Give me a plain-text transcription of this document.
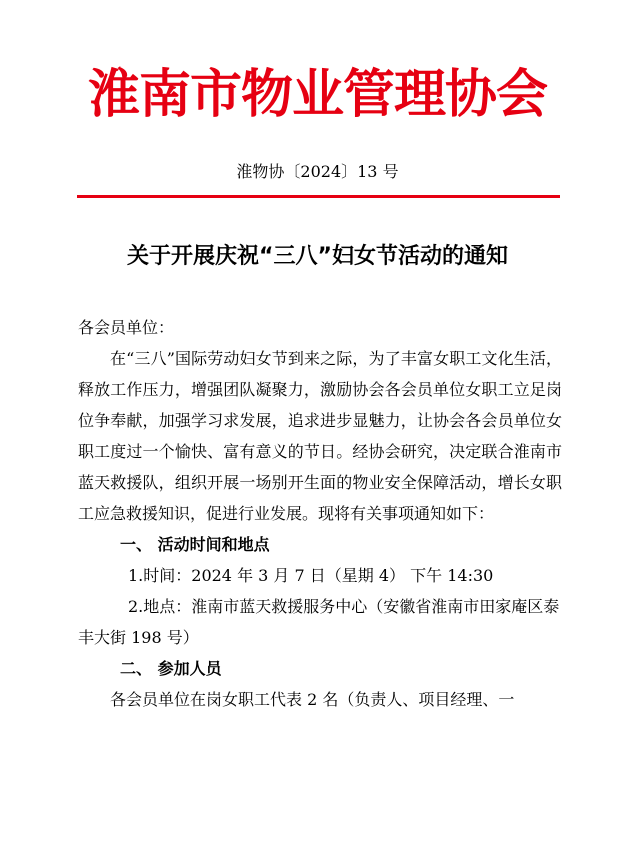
淮南市物业管理协会
淮物协〔2024〕13 号
关于开展庆祝“三八”妇女节活动的通知

各会员单位：

在“三八”国际劳动妇女节到来之际，为了丰富女职工文化生活，释放工作压力，增强团队凝聚力，激励协会各会员单位女职工立足岗位争奉献，加强学习求发展，追求进步显魅力，让协会各会员单位女职工度过一个愉快、富有意义的节日。经协会研究，决定联合淮南市蓝天救援队，组织开展一场别开生面的物业安全保障活动，增长女职工应急救援知识，促进行业发展。现将有关事项通知如下：

一、 活动时间和地点

1.时间：2024 年 3 月 7 日（星期 4） 下午 14:30

2.地点：淮南市蓝天救援服务中心（安徽省淮南市田家庵区泰丰大街 198 号）

二、 参加人员

各会员单位在岗女职工代表 2 名（负责人、项目经理、一
